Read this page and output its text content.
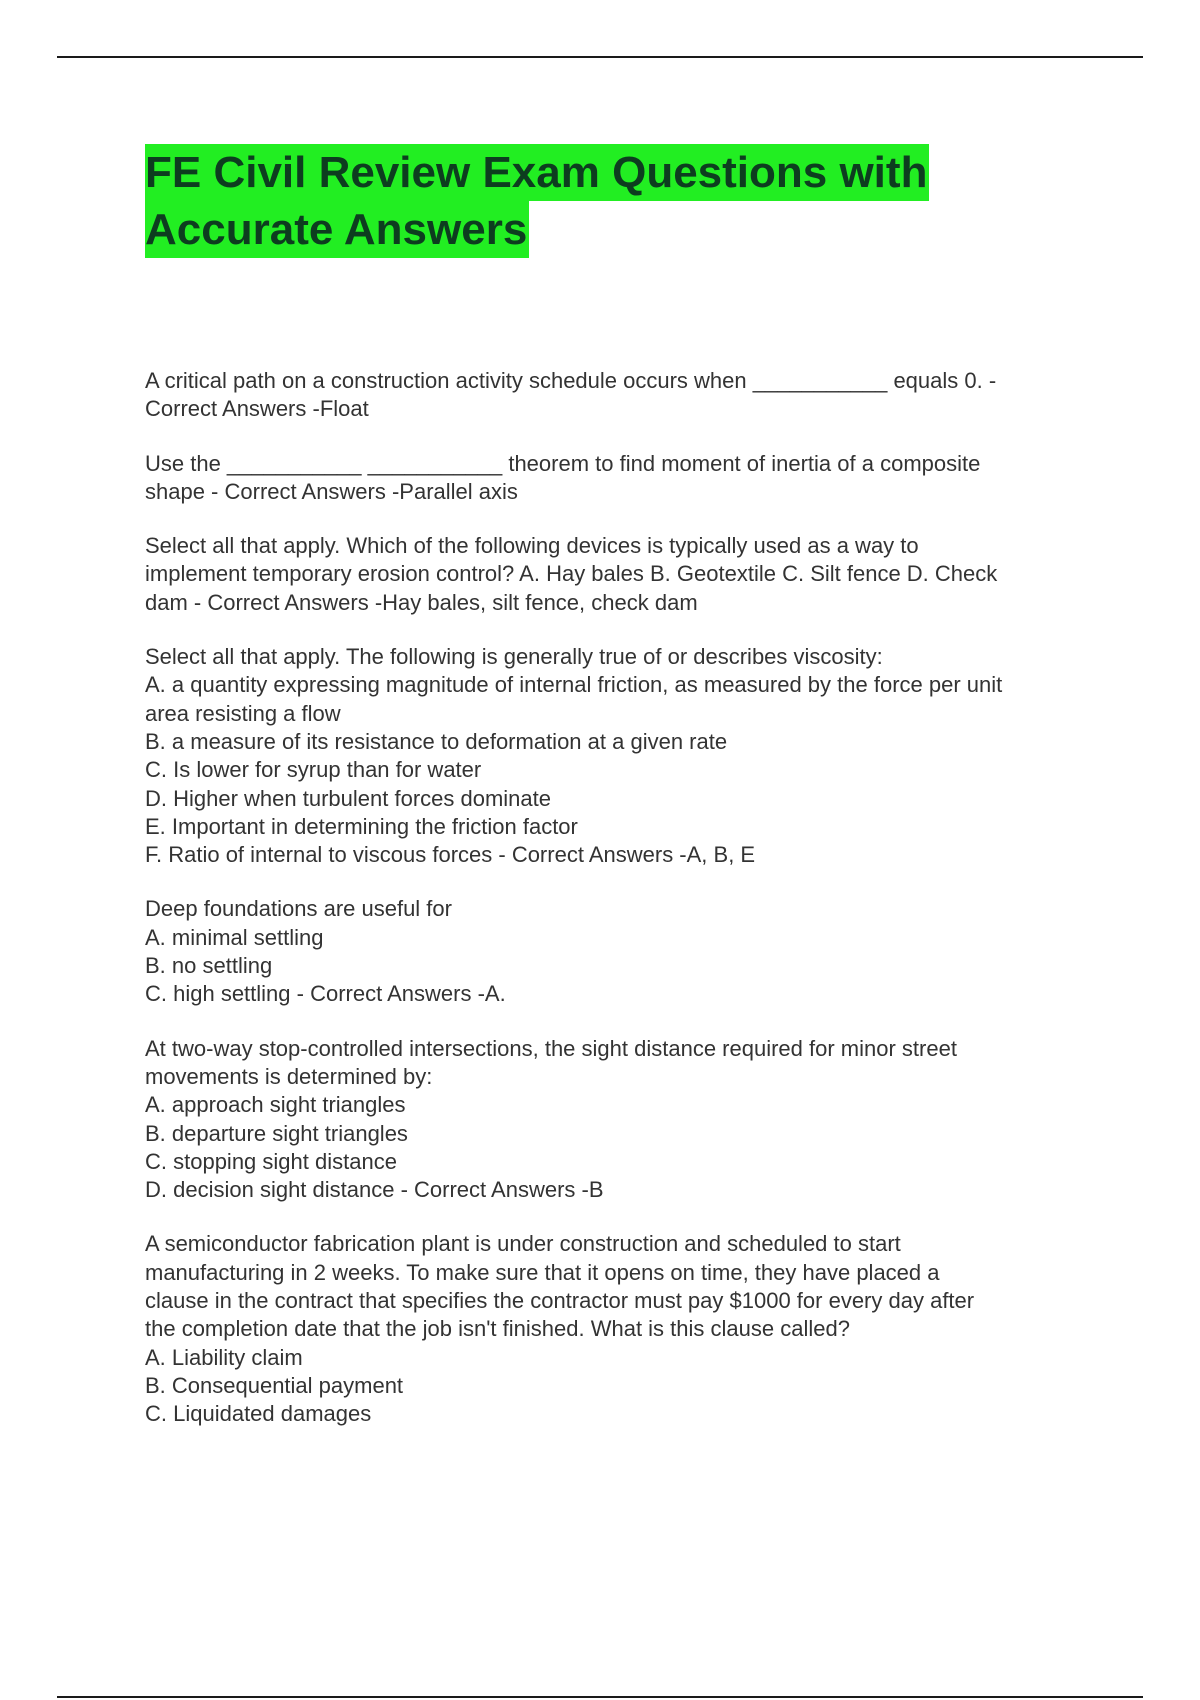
FE Civil Review Exam Questions with
Accurate Answers

A critical path on a construction activity schedule occurs when ___________ equals 0. -
Correct Answers -Float

Use the ___________ ___________ theorem to find moment of inertia of a composite
shape - Correct Answers -Parallel axis

Select all that apply. Which of the following devices is typically used as a way to
implement temporary erosion control? A. Hay bales B. Geotextile C. Silt fence D. Check
dam - Correct Answers -Hay bales, silt fence, check dam

Select all that apply. The following is generally true of or describes viscosity:
A. a quantity expressing magnitude of internal friction, as measured by the force per unit
area resisting a flow
B. a measure of its resistance to deformation at a given rate
C. Is lower for syrup than for water
D. Higher when turbulent forces dominate
E. Important in determining the friction factor
F. Ratio of internal to viscous forces - Correct Answers -A, B, E

Deep foundations are useful for
A. minimal settling
B. no settling
C. high settling - Correct Answers -A.

At two-way stop-controlled intersections, the sight distance required for minor street
movements is determined by:
A. approach sight triangles
B. departure sight triangles
C. stopping sight distance
D. decision sight distance - Correct Answers -B

A semiconductor fabrication plant is under construction and scheduled to start
manufacturing in 2 weeks. To make sure that it opens on time, they have placed a
clause in the contract that specifies the contractor must pay $1000 for every day after
the completion date that the job isn't finished. What is this clause called?
A. Liability claim
B. Consequential payment
C. Liquidated damages
